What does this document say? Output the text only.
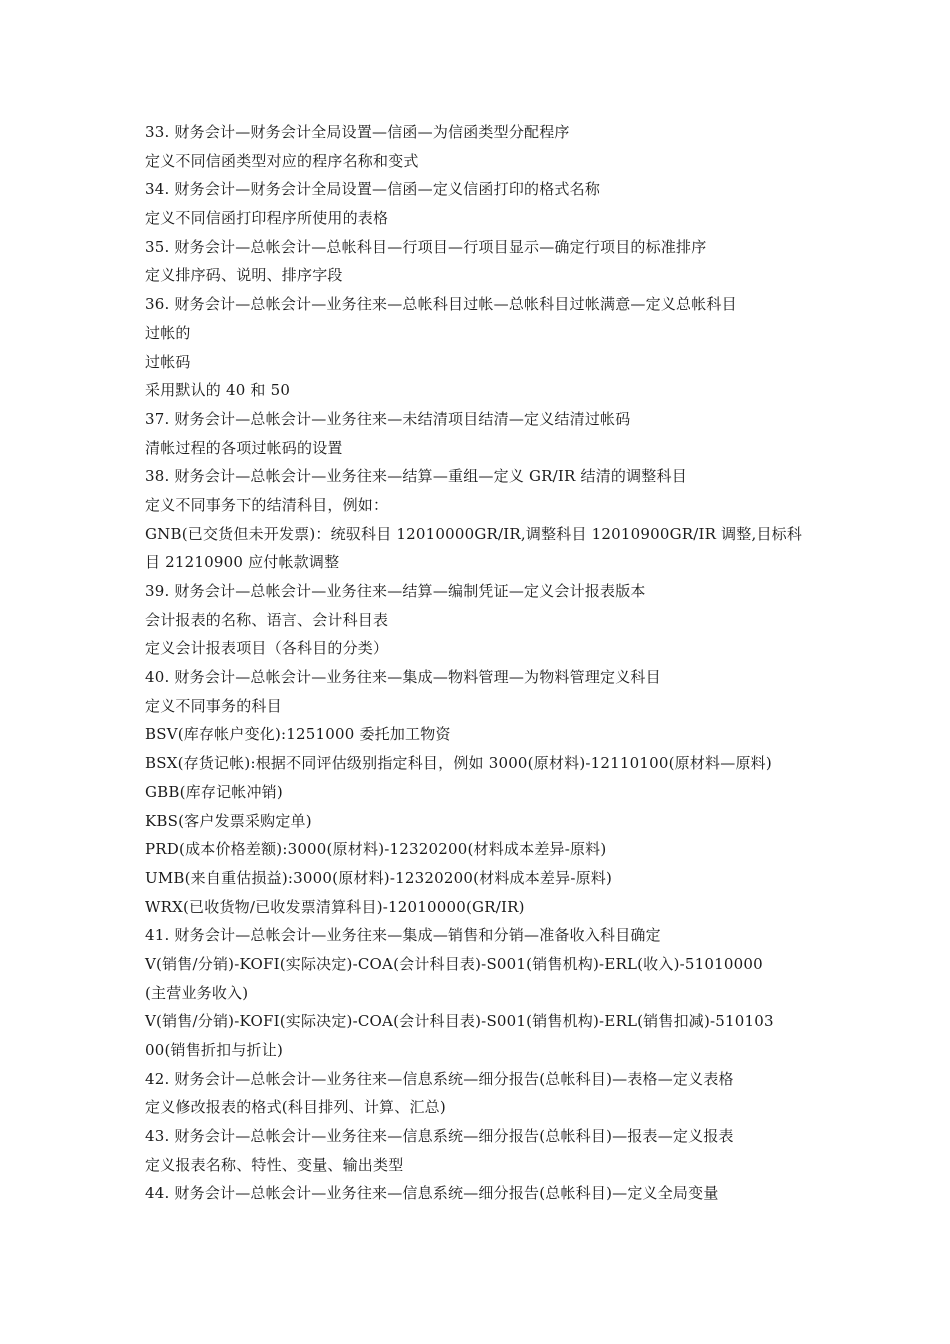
33. 财务会计—财务会计全局设置—信函—为信函类型分配程序
定义不同信函类型对应的程序名称和变式
34. 财务会计—财务会计全局设置—信函—定义信函打印的格式名称
定义不同信函打印程序所使用的表格
35. 财务会计—总帐会计—总帐科目—行项目—行项目显示—确定行项目的标准排序
定义排序码、说明、排序字段
36. 财务会计—总帐会计—业务往来—总帐科目过帐—总帐科目过帐满意—定义总帐科目
过帐的
过帐码
采用默认的 40 和 50
37. 财务会计—总帐会计—业务往来—未结清项目结清—定义结清过帐码
清帐过程的各项过帐码的设置
38. 财务会计—总帐会计—业务往来—结算—重组—定义 GR/IR 结清的调整科目
定义不同事务下的结清科目，例如：
GNB(已交货但未开发票)：统驭科目 12010000GR/IR,调整科目 12010900GR/IR 调整,目标科
目 21210900 应付帐款调整
39. 财务会计—总帐会计—业务往来—结算—编制凭证—定义会计报表版本
会计报表的名称、语言、会计科目表
定义会计报表项目（各科目的分类）
40. 财务会计—总帐会计—业务往来—集成—物料管理—为物料管理定义科目
定义不同事务的科目
BSV(库存帐户变化):1251000 委托加工物资
BSX(存货记帐):根据不同评估级别指定科目，例如 3000(原材料)-12110100(原材料—原料)
GBB(库存记帐冲销)
KBS(客户发票采购定单)
PRD(成本价格差额):3000(原材料)-12320200(材料成本差异-原料)
UMB(来自重估损益):3000(原材料)-12320200(材料成本差异-原料)
WRX(已收货物/已收发票清算科目)-12010000(GR/IR)
41. 财务会计—总帐会计—业务往来—集成—销售和分销—准备收入科目确定
V(销售/分销)-KOFI(实际决定)-COA(会计科目表)-S001(销售机构)-ERL(收入)-51010000
(主营业务收入)
V(销售/分销)-KOFI(实际决定)-COA(会计科目表)-S001(销售机构)-ERL(销售扣减)-510103
00(销售折扣与折让)
42. 财务会计—总帐会计—业务往来—信息系统—细分报告(总帐科目)—表格—定义表格
定义修改报表的格式(科目排列、计算、汇总)
43. 财务会计—总帐会计—业务往来—信息系统—细分报告(总帐科目)—报表—定义报表
定义报表名称、特性、变量、输出类型
44. 财务会计—总帐会计—业务往来—信息系统—细分报告(总帐科目)—定义全局变量
